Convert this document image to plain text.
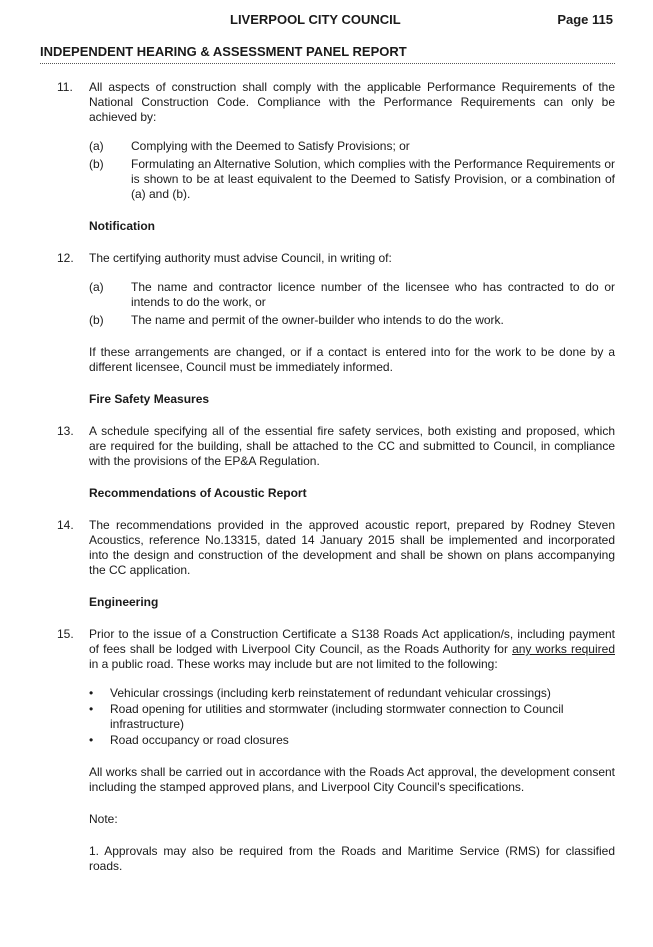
LIVERPOOL CITY COUNCIL	Page 115
INDEPENDENT HEARING & ASSESSMENT PANEL REPORT
11. All aspects of construction shall comply with the applicable Performance Requirements of the National Construction Code. Compliance with the Performance Requirements can only be achieved by:

(a) Complying with the Deemed to Satisfy Provisions; or

(b) Formulating an Alternative Solution, which complies with the Performance Requirements or is shown to be at least equivalent to the Deemed to Satisfy Provision, or a combination of (a) and (b).

Notification
12. The certifying authority must advise Council, in writing of:

(a) The name and contractor licence number of the licensee who has contracted to do or intends to do the work, or

(b) The name and permit of the owner-builder who intends to do the work.

If these arrangements are changed, or if a contact is entered into for the work to be done by a different licensee, Council must be immediately informed.

Fire Safety Measures
13. A schedule specifying all of the essential fire safety services, both existing and proposed, which are required for the building, shall be attached to the CC and submitted to Council, in compliance with the provisions of the EP&A Regulation.

Recommendations of Acoustic Report
14. The recommendations provided in the approved acoustic report, prepared by Rodney Steven Acoustics, reference No.13315, dated 14 January 2015 shall be implemented and incorporated into the design and construction of the development and shall be shown on plans accompanying the CC application.

Engineering
15. Prior to the issue of a Construction Certificate a S138 Roads Act application/s, including payment of fees shall be lodged with Liverpool City Council, as the Roads Authority for any works required in a public road. These works may include but are not limited to the following:

• Vehicular crossings (including kerb reinstatement of redundant vehicular crossings)
• Road opening for utilities and stormwater (including stormwater connection to Council infrastructure)
• Road occupancy or road closures

All works shall be carried out in accordance with the Roads Act approval, the development consent including the stamped approved plans, and Liverpool City Council's specifications.

Note:

1. Approvals may also be required from the Roads and Maritime Service (RMS) for classified roads.
